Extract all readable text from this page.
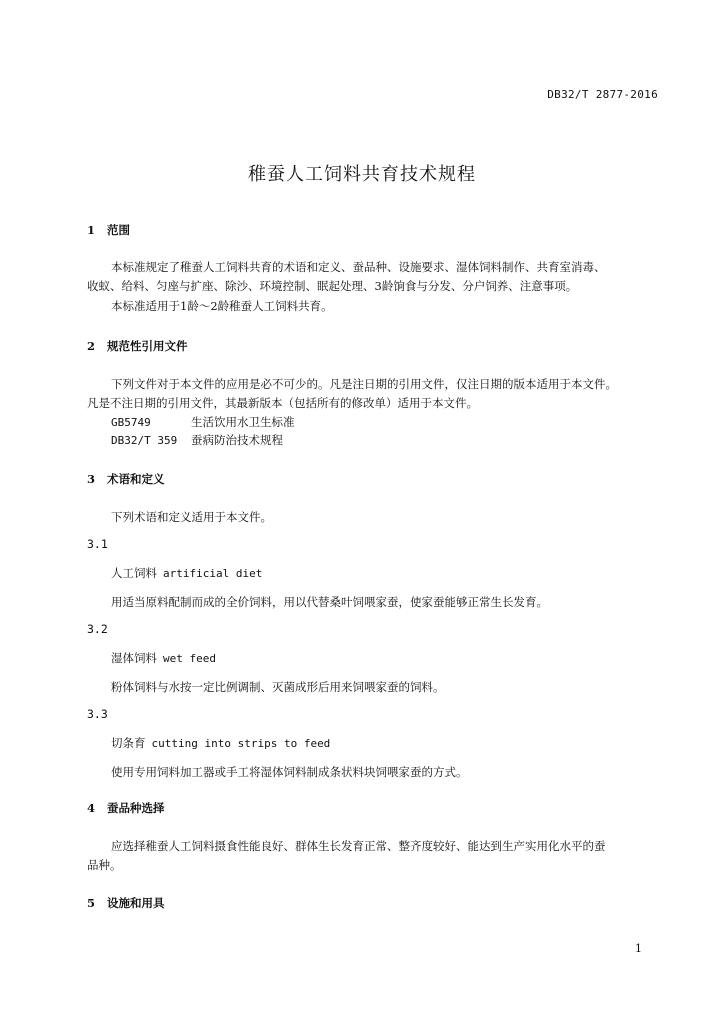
DB32/T 2877-2016
稚蚕人工饲料共育技术规程
1 范围
本标准规定了稚蚕人工饲料共育的术语和定义、蚕品种、设施要求、湿体饲料制作、共育室消毒、
收蚁、给料、匀座与扩座、除沙、环境控制、眠起处理、3龄饷食与分发、分户饲养、注意事项。
本标准适用于1龄～2龄稚蚕人工饲料共育。
2 规范性引用文件
下列文件对于本文件的应用是必不可少的。凡是注日期的引用文件，仅注日期的版本适用于本文件。
凡是不注日期的引用文件，其最新版本（包括所有的修改单）适用于本文件。
GB5749	生活饮用水卫生标准
DB32/T 359 蚕病防治技术规程
3 术语和定义
下列术语和定义适用于本文件。
3.1
人工饲料 artificial diet
用适当原料配制而成的全价饲料，用以代替桑叶饲喂家蚕，使家蚕能够正常生长发育。
3.2
湿体饲料 wet feed
粉体饲料与水按一定比例调制、灭菌成形后用来饲喂家蚕的饲料。
3.3
切条育 cutting into strips to feed
使用专用饲料加工器或手工将湿体饲料制成条状料块饲喂家蚕的方式。
4 蚕品种选择
应选择稚蚕人工饲料摄食性能良好、群体生长发育正常、整齐度较好、能达到生产实用化水平的蚕
品种。
5 设施和用具
1
